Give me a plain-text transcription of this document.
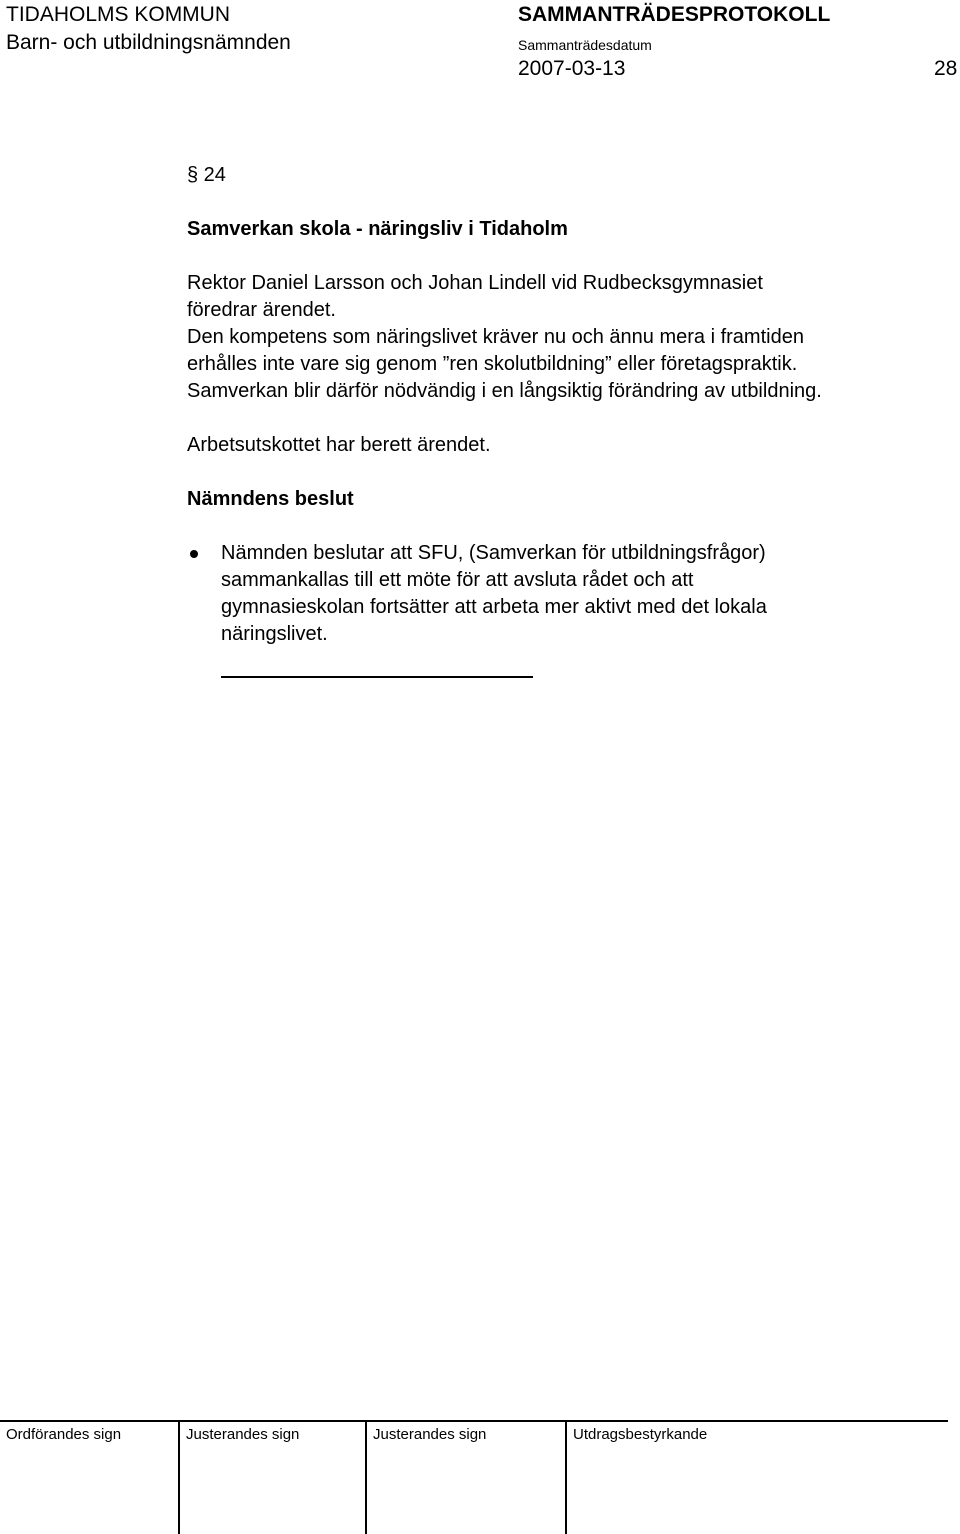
TIDAHOLMS KOMMUN
Barn- och utbildningsnämnden
SAMMANTRÄDESPROTOKOLL
Sammanträdesdatum
2007-03-13	28
§ 24
Samverkan skola - näringsliv i Tidaholm
Rektor Daniel Larsson och Johan Lindell vid Rudbecksgymnasiet
föredrar ärendet.
Den kompetens som näringslivet kräver nu och ännu mera i framtiden
erhålles inte vare sig genom ”ren skolutbildning” eller företagspraktik.
Samverkan blir därför nödvändig i en långsiktig förändring av utbildning.
Arbetsutskottet har berett ärendet.
Nämndens beslut
Nämnden beslutar att SFU, (Samverkan för utbildningsfrågor)
sammankallas till ett möte för att avsluta rådet och att
gymnasieskolan fortsätter att arbeta mer aktivt med det lokala
näringslivet.
Ordförandes sign	Justerandes sign	Justerandes sign	Utdragsbestyrkande
